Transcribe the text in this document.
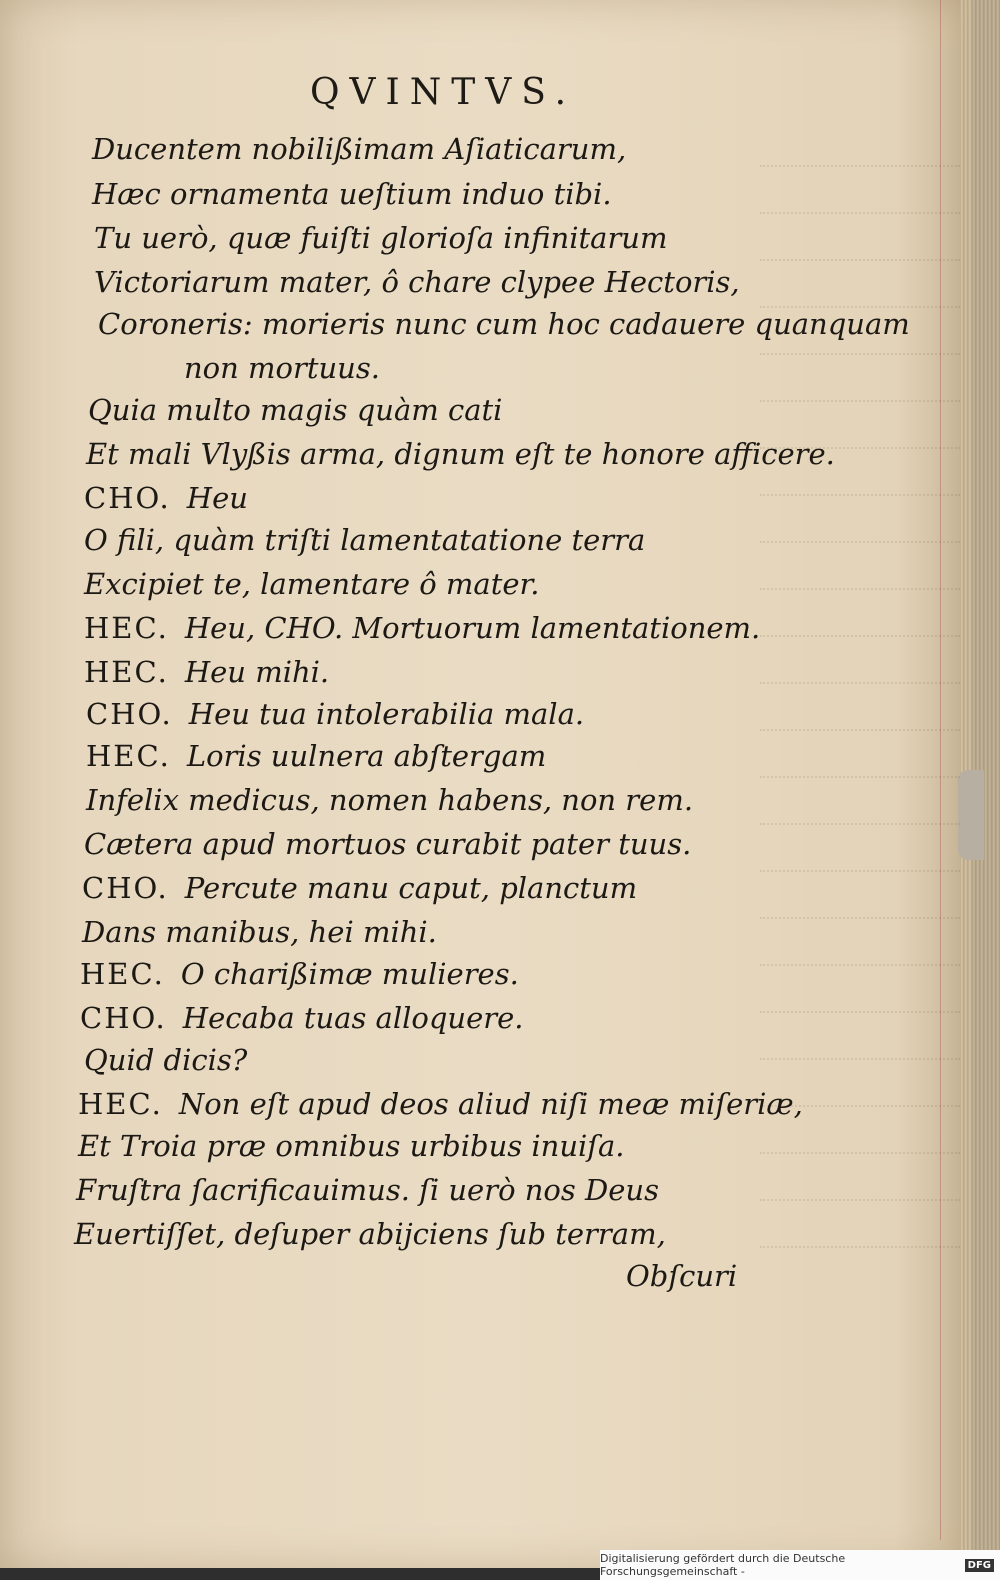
QVINTVS.
Ducentem nobilißimam Aſiaticarum,
Hæc ornamenta ueſtium induo tibi.
Tu uerò, quæ fuiſti glorioſa infinitarum
Victoriarum mater, ô chare clypee Hectoris,
Coroneris: morieris nunc cum hoc cadauere quanquam
non mortuus.
Quia multo magis quàm cati
Et mali Vlyßis arma, dignum eſt te honore afficere.
CHO. Heu
O fili, quàm triſti lamentatatione terra
Excipiet te, lamentare ô mater.
HEC. Heu, CHO. Mortuorum lamentationem.
HEC. Heu mihi.
CHO. Heu tua intolerabilia mala.
HEC. Loris uulnera abſtergam
Infelix medicus, nomen habens, non rem.
Cætera apud mortuos curabit pater tuus.
CHO. Percute manu caput, planctum
Dans manibus, hei mihi.
HEC. O charißimæ mulieres.
CHO. Hecaba tuas alloquere.
Quid dicis?
HEC. Non eſt apud deos aliud niſi meæ miſeriæ,
Et Troia præ omnibus urbibus inuiſa.
Fruſtra ſacrificauimus. ſi uerò nos Deus
Euertiſſet, deſuper abijciens ſub terram,
Obſcuri
Digitalisierung gefördert durch die Deutsche Forschungsgemeinschaft -	DFG
